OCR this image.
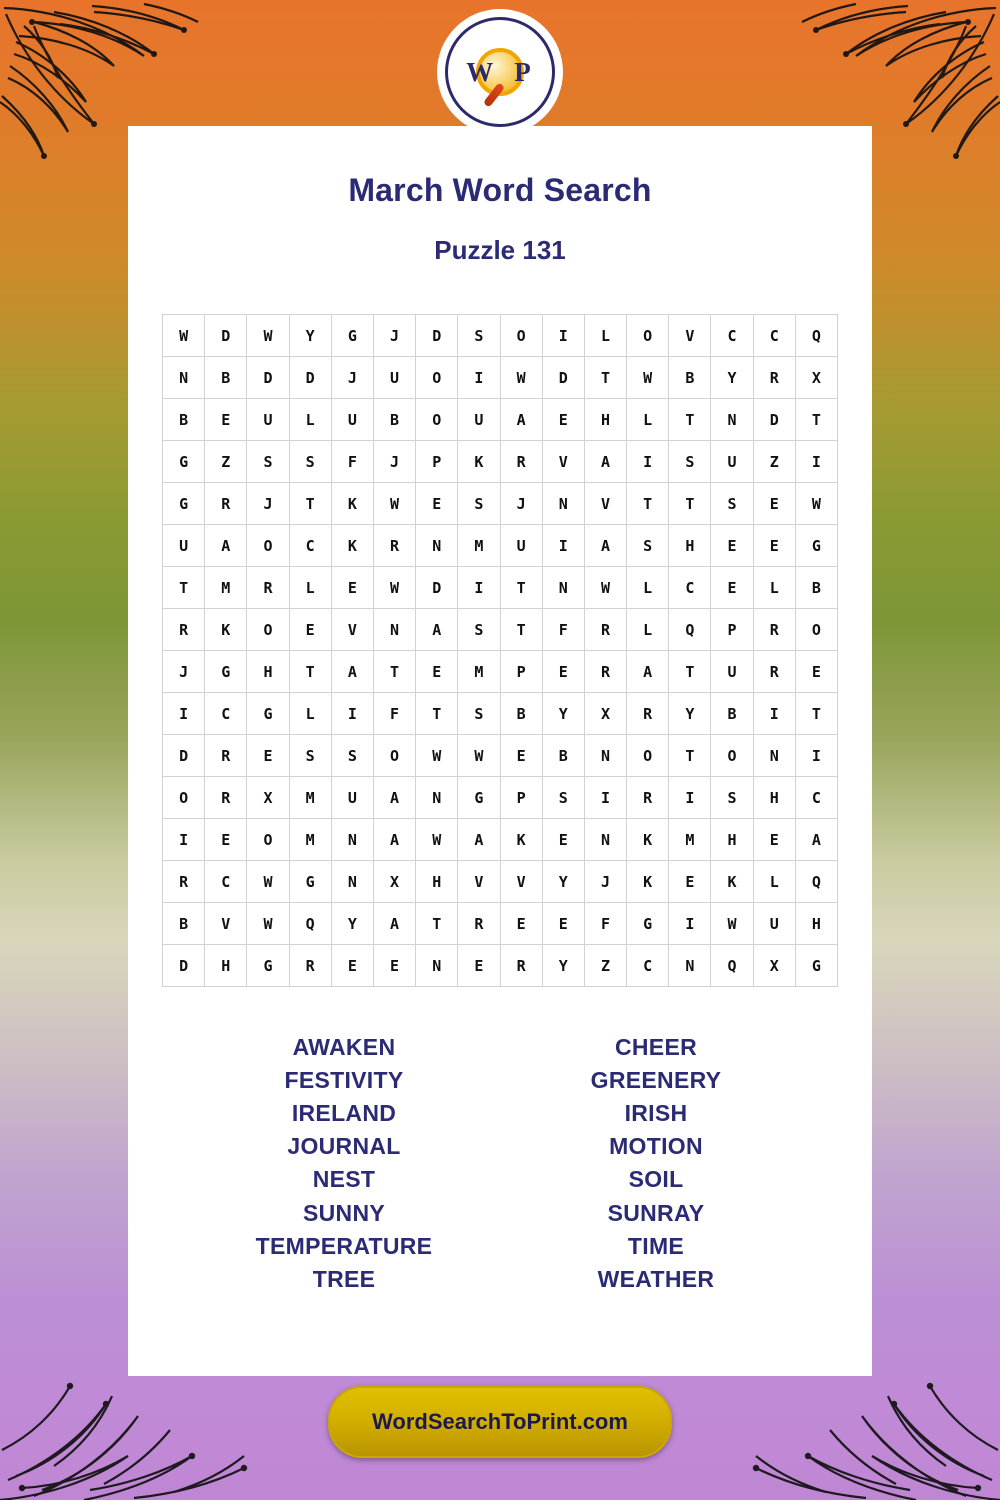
W P
March Word Search
Puzzle 131
W	D	W	Y	G	J	D	S	O	I	L	O	V	C	C	Q
N	B	D	D	J	U	O	I	W	D	T	W	B	Y	R	X
B	E	U	L	U	B	O	U	A	E	H	L	T	N	D	T
G	Z	S	S	F	J	P	K	R	V	A	I	S	U	Z	I
G	R	J	T	K	W	E	S	J	N	V	T	T	S	E	W
U	A	O	C	K	R	N	M	U	I	A	S	H	E	E	G
T	M	R	L	E	W	D	I	T	N	W	L	C	E	L	B
R	K	O	E	V	N	A	S	T	F	R	L	Q	P	R	O
J	G	H	T	A	T	E	M	P	E	R	A	T	U	R	E
I	C	G	L	I	F	T	S	B	Y	X	R	Y	B	I	T
D	R	E	S	S	O	W	W	E	B	N	O	T	O	N	I
O	R	X	M	U	A	N	G	P	S	I	R	I	S	H	C
I	E	O	M	N	A	W	A	K	E	N	K	M	H	E	A
R	C	W	G	N	X	H	V	V	Y	J	K	E	K	L	Q
B	V	W	Q	Y	A	T	R	E	E	F	G	I	W	U	H
D	H	G	R	E	E	N	E	R	Y	Z	C	N	Q	X	G
AWAKEN
FESTIVITY
IRELAND
JOURNAL
NEST
SUNNY
TEMPERATURE
TREE
CHEER
GREENERY
IRISH
MOTION
SOIL
SUNRAY
TIME
WEATHER
WordSearchToPrint.com
